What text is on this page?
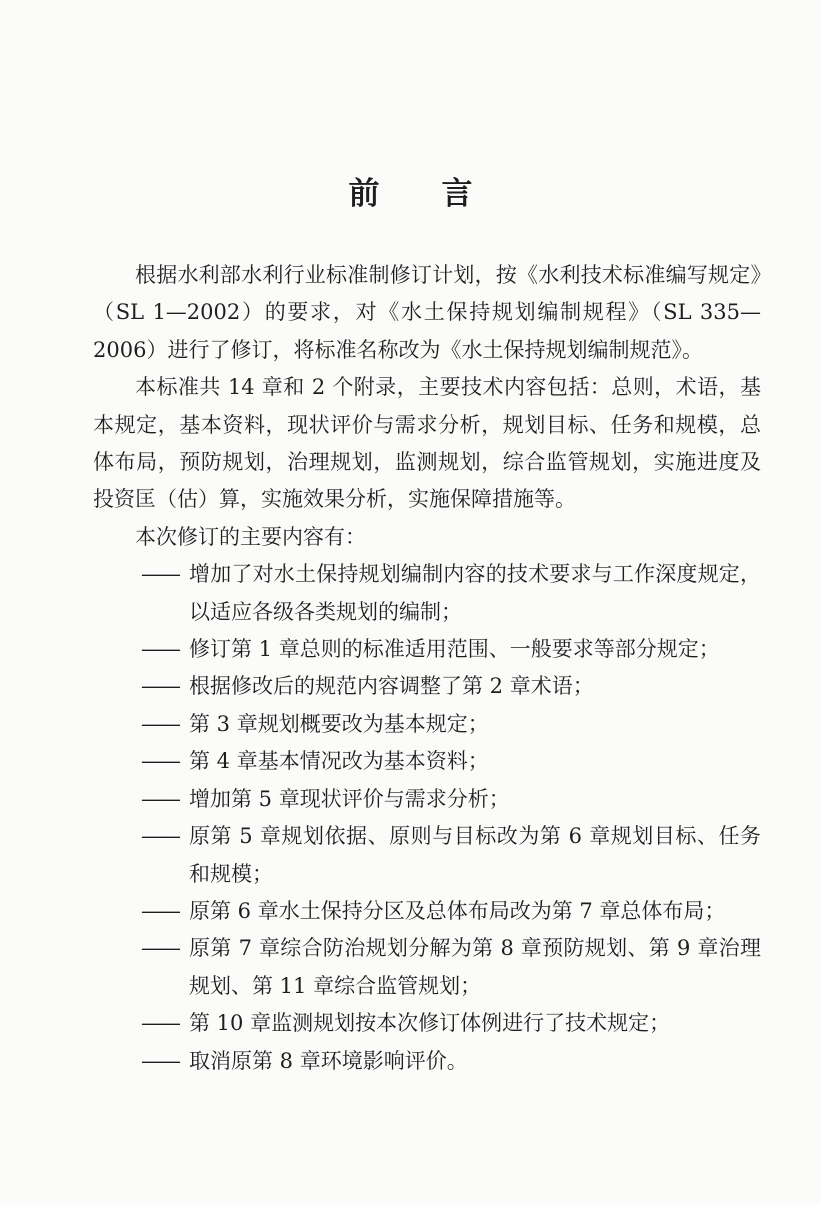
前 言

根据水利部水利行业标准制修订计划，按《水利技术标准编写规定》（SL 1—2002）的要求，对《水土保持规划编制规程》（SL 335—2006）进行了修订，将标准名称改为《水土保持规划编制规范》。

本标准共 14 章和 2 个附录，主要技术内容包括：总则，术语，基本规定，基本资料，现状评价与需求分析，规划目标、任务和规模，总体布局，预防规划，治理规划，监测规划，综合监管规划，实施进度及投资匡（估）算，实施效果分析，实施保障措施等。

本次修订的主要内容有：

—— 增加了对水土保持规划编制内容的技术要求与工作深度规定，以适应各级各类规划的编制；
—— 修订第 1 章总则的标准适用范围、一般要求等部分规定；
—— 根据修改后的规范内容调整了第 2 章术语；
—— 第 3 章规划概要改为基本规定；
—— 第 4 章基本情况改为基本资料；
—— 增加第 5 章现状评价与需求分析；
—— 原第 5 章规划依据、原则与目标改为第 6 章规划目标、任务和规模；
—— 原第 6 章水土保持分区及总体布局改为第 7 章总体布局；
—— 原第 7 章综合防治规划分解为第 8 章预防规划、第 9 章治理规划、第 11 章综合监管规划；
—— 第 10 章监测规划按本次修订体例进行了技术规定；
—— 取消原第 8 章环境影响评价。
